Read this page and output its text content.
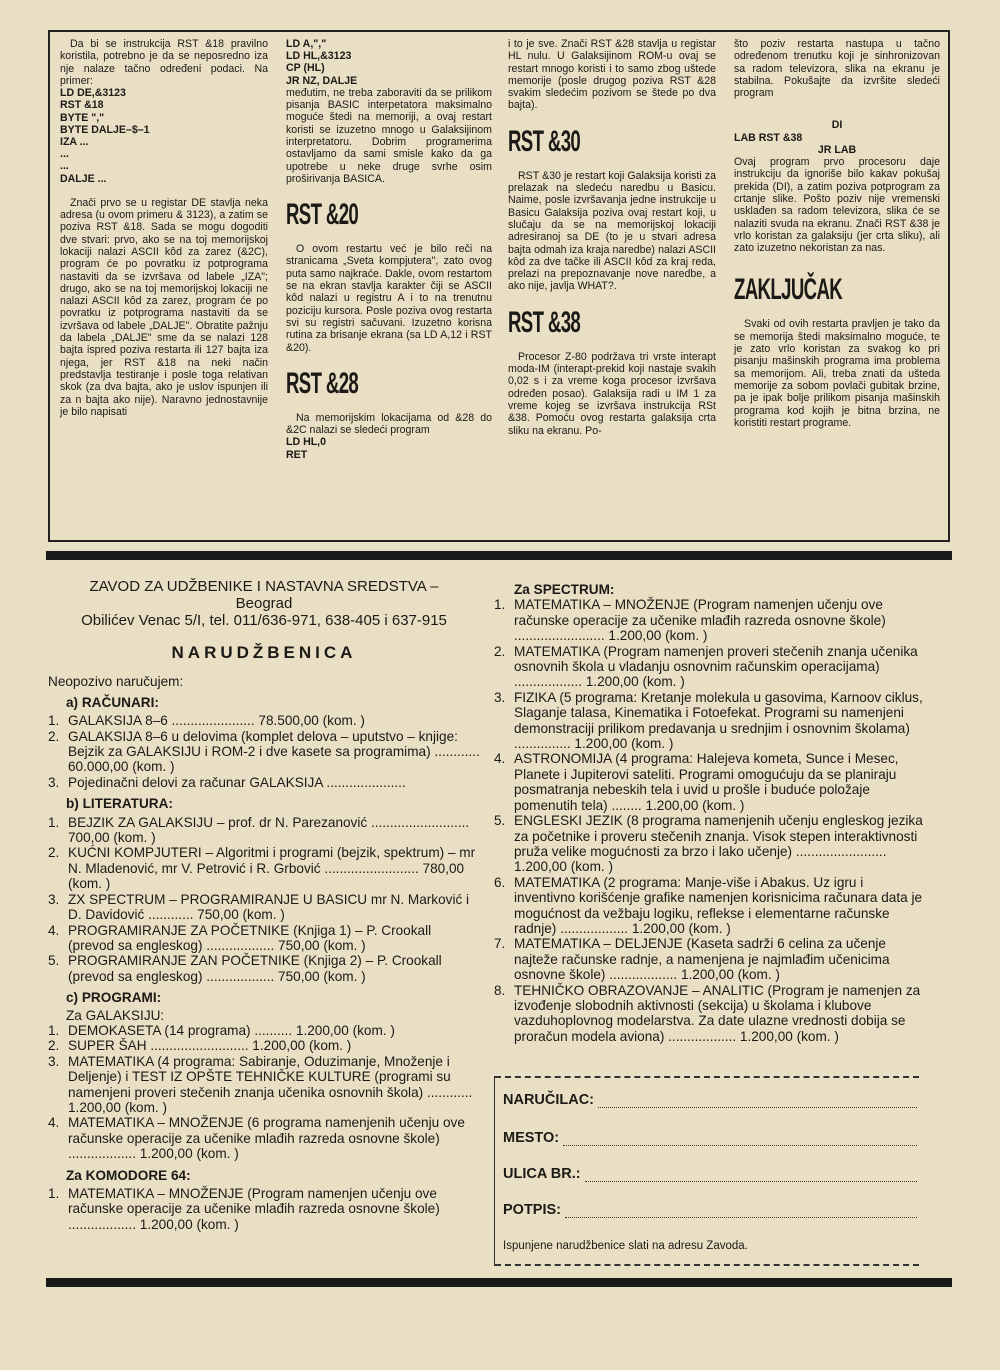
Da bi se instrukcija RST &18 pravilno koristila, potrebno je da se neposredno iza nje nalaze tačno određeni podaci. Na primer:

LD DE,&3123
RST &18
BYTE ","
BYTE DALJE–$–1
IZA ...
...
...
DALJE ...

Znači prvo se u registar DE stavlja neka adresa (u ovom primeru & 3123), a zatim se poziva RST &18. Sada se mogu dogoditi dve stvari: prvo, ako se na toj memorijskoj lokaciji nalazi ASCII kôd za zarez (&2C), program će po povratku iz potprograma nastaviti da se izvršava od labele „IZA"; drugo, ako se na toj memorijskoj lokaciji ne nalazi ASCII kôd za zarez, program će po povratku iz potprograma nastaviti da se izvršava od labele „DALJE". Obratite pažnju da labela „DALJE" sme da se nalazi 128 bajta ispred poziva restarta ili 127 bajta iza njega, jer RST &18 na neki način predstavlja testiranje i posle toga relativan skok (za dva bajta, ako je uslov ispunjen ili za n bajta ako nije). Naravno jednostavnije je bilo napisati

LD A,","
LD HL,&3123
CP (HL)
JR NZ, DALJE

međutim, ne treba zaboraviti da se prilikom pisanja BASIC interpetatora maksimalno moguće štedi na memoriji, a ovaj restart koristi se izuzetno mnogo u Galaksijinom interpretatoru. Dobrim programerima ostavljamo da sami smisle kako da ga upotrebe u neke druge svrhe osim proširivanja BASICA.

RST &20

O ovom restartu već je bilo reči na stranicama „Sveta kompjutera", zato ovog puta samo najkraće. Dakle, ovom restartom se na ekran stavlja karakter čiji se ASCII kôd nalazi u registru A i to na trenutnu poziciju kursora. Posle poziva ovog restarta svi su registri sačuvani. Izuzetno korisna rutina za brisanje ekrana (sa LD A,12 i RST &20).

RST &28

Na memorijskim lokacijama od &28 do &2C nalazi se sledeći program

LD HL,0
RET

i to je sve. Znači RST &28 stavlja u registar HL nulu. U Galaksijinom ROM-u ovaj se restart mnogo koristi i to samo zbog uštede memorije (posle drugog poziva RST &28 svakim sledećim pozivom se štede po dva bajta).

RST &30

RST &30 je restart koji Galaksija koristi za prelazak na sledeću naredbu u Basicu. Naime, posle izvršavanja jedne instrukcije u Basicu Galaksija poziva ovaj restart koji, u slučaju da se na memorijskoj lokaciji adresiranoj sa DE (to je u stvari adresa bajta odmah iza kraja naredbe) nalazi ASCII kôd za dve tačke ili ASCII kôd za kraj reda, prelazi na prepoznavanje nove naredbe, a ako nije, javlja WHAT?.

RST &38

Procesor Z-80 podržava tri vrste interapt moda-IM (interapt-prekid koji nastaje svakih 0,02 s i za vreme koga procesor izvršava određen posao). Galaksija radi u IM 1 za vreme kojeg se izvršava instrukcija RSt &38. Pomoću ovog restarta galaksija crta sliku na ekranu. Po-

što poziv restarta nastupa u tačno određenom trenutku koji je sinhronizovan sa radom televizora, slika na ekranu je stabilna. Pokušajte da izvršite sledeći program

DI
LAB RST &38
JR LAB

Ovaj program prvo procesoru daje instrukciju da ignoriše bilo kakav pokušaj prekida (DI), a zatim poziva potprogram za crtanje slike. Pošto poziv nije vremenski usklađen sa radom televizora, slika će se nalaziti svuda na ekranu. Znači RST &38 je vrlo koristan za galaksiju (jer crta sliku), ali zato izuzetno nekoristan za nas.

ZAKLJUČAK

Svaki od ovih restarta pravljen je tako da se memorija štedi maksimalno moguće, te je zato vrlo koristan za svakog ko pri pisanju mašinskih programa ima problema sa memorijom. Ali, treba znati da ušteda memorije za sobom povlači gubitak brzine, pa je ipak bolje prilikom pisanja mašinskih programa kod kojih je bitna brzina, ne koristiti restart programe.

ZAVOD ZA UDŽBENIKE I NASTAVNA SREDSTVA –
Beograd
Obilićev Venac 5/I, tel. 011/636-971, 638-405 i 637-915
NARUDŽBENICA
Neopozivo naručujem:
a) RAČUNARI:
1. GALAKSIJA 8–6 ...................... 78.500,00 (kom. )
2. GALAKSIJA 8–6 u delovima (komplet delova – uputstvo – knjige: Bejzik za GALAKSIJU i ROM-2 i dve kasete sa programima) ............ 60.000,00 (kom. )
3. Pojedinačni delovi za računar GALAKSIJA .....................
b) LITERATURA:
1. BEJZIK ZA GALAKSIJU – prof. dr N. Parezanović .......................... 700,00 (kom. )
2. KUĆNI KOMPJUTERI – Algoritmi i programi (bejzik, spektrum) – mr N. Mladenović, mr V. Petrović i R. Grbović ......................... 780,00 (kom. )
3. ZX SPECTRUM – PROGRAMIRANJE U BASICU mr N. Marković i D. Davidović ............ 750,00 (kom. )
4. PROGRAMIRANJE ZA POČETNIKE (Knjiga 1) – P. Crookall (prevod sa engleskog) .................. 750,00 (kom. )
5. PROGRAMIRANJE ZAN POČETNIKE (Knjiga 2) – P. Crookall (prevod sa engleskog) .................. 750,00 (kom. )
c) PROGRAMI:
Za GALAKSIJU:
1. DEMOKASETA (14 programa) .......... 1.200,00 (kom. )
2. SUPER ŠAH .......................... 1.200,00 (kom. )
3. MATEMATIKA (4 programa: Sabiranje, Oduzimanje, Množenje i Deljenje) i TEST IZ OPŠTE TEHNIČKE KULTURE (programi su namenjeni proveri stečenih znanja učenika osnovnih škola) ............ 1.200,00 (kom. )
4. MATEMATIKA – MNOŽENJE (6 programa namenjenih učenju ove računske operacije za učenike mlađih razreda osnovne škole) .................. 1.200,00 (kom. )
Za KOMODORE 64:
1. MATEMATIKA – MNOŽENJE (Program namenjen učenju ove računske operacije za učenike mlađih razreda osnovne škole) .................. 1.200,00 (kom. )
Za SPECTRUM:
1. MATEMATIKA – MNOŽENJE (Program namenjen učenju ove računske operacije za učenike mlađih razreda osnovne škole) ........................ 1.200,00 (kom. )
2. MATEMATIKA (Program namenjen proveri stečenih znanja učenika osnovnih škola u vladanju osnovnim računskim operacijama) .................. 1.200,00 (kom. )
3. FIZIKA (5 programa: Kretanje molekula u gasovima, Karnoov ciklus, Slaganje talasa, Kinematika i Fotoefekat. Programi su namenjeni demonstraciji prilikom predavanja u srednjim i osnovnim školama) ............... 1.200,00 (kom. )
4. ASTRONOMIJA (4 programa: Halejeva kometa, Sunce i Mesec, Planete i Jupiterovi sateliti. Programi omogućuju da se planiraju posmatranja nebeskih tela i uvid u prošle i buduće položaje pomenutih tela) ........ 1.200,00 (kom. )
5. ENGLESKI JEZIK (8 programa namenjenih učenju engleskog jezika za početnike i proveru stečenih znanja. Visok stepen interaktivnosti pruža velike mogućnosti za brzo i lako učenje) ........................ 1.200,00 (kom. )
6. MATEMATIKA (2 programa: Manje-više i Abakus. Uz igru i inventivno korišćenje grafike namenjen korisnicima računara data je mogućnost da vežbaju logiku, reflekse i elementarne računske radnje) .................. 1.200,00 (kom. )
7. MATEMATIKA – DELJENJE (Kaseta sadrži 6 celina za učenje najteže računske radnje, a namenjena je najmlađim učenicima osnovne škole) .................. 1.200,00 (kom. )
8. TEHNIČKO OBRAZOVANJE – ANALITIC (Program je namenjen za izvođenje slobodnih aktivnosti (sekcija) u školama i klubove vazduhoplovnog modelarstva. Za date ulazne vrednosti dobija se proračun modela aviona) .................. 1.200,00 (kom. )
NARUČILAC:
MESTO:
ULICA BR.:
POTPIS:
Ispunjene narudžbenice slati na adresu Zavoda.
